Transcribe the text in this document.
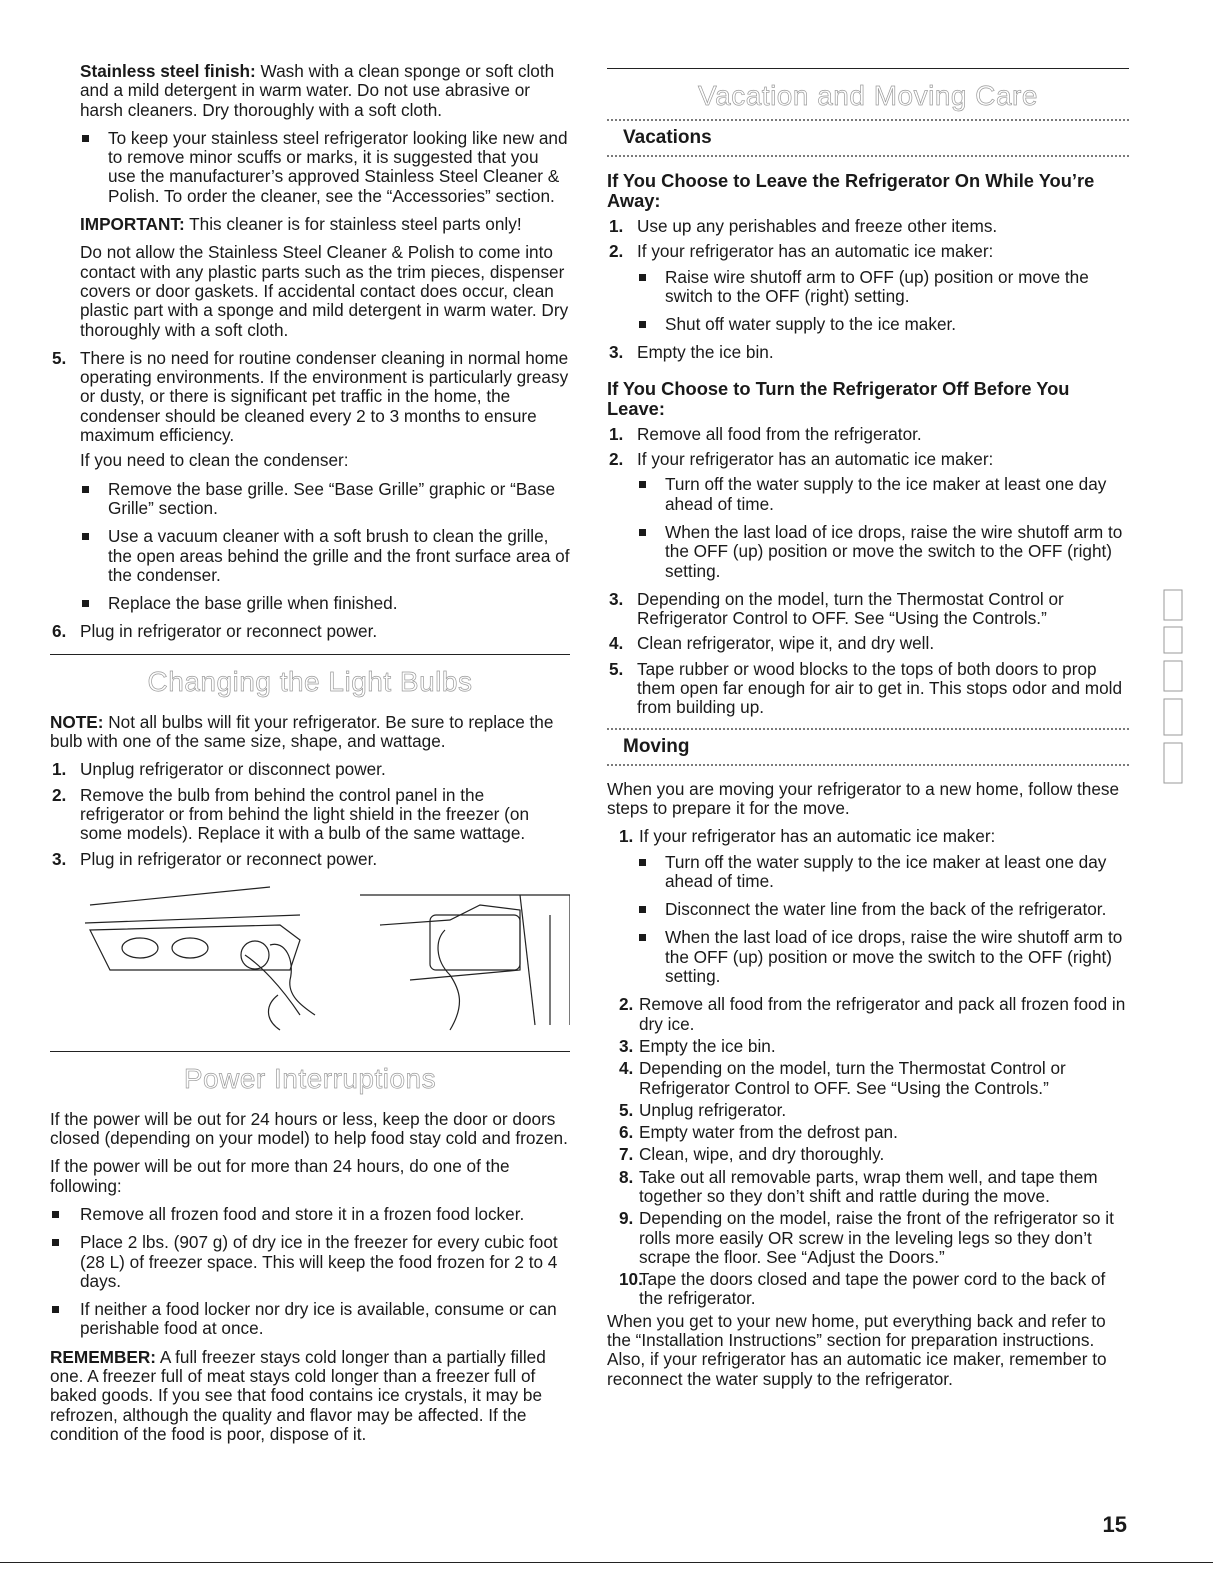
Stainless steel finish: Wash with a clean sponge or soft cloth and a mild detergent in warm water. Do not use abrasive or harsh cleaners. Dry thoroughly with a soft cloth.

To keep your stainless steel refrigerator looking like new and to remove minor scuffs or marks, it is suggested that you use the manufacturer’s approved Stainless Steel Cleaner & Polish. To order the cleaner, see the “Accessories” section.

IMPORTANT: This cleaner is for stainless steel parts only!

Do not allow the Stainless Steel Cleaner & Polish to come into contact with any plastic parts such as the trim pieces, dispenser covers or door gaskets. If accidental contact does occur, clean plastic part with a sponge and mild detergent in warm water. Dry thoroughly with a soft cloth.

5. There is no need for routine condenser cleaning in normal home operating environments. If the environment is particularly greasy or dusty, or there is significant pet traffic in the home, the condenser should be cleaned every 2 to 3 months to ensure maximum efficiency.

If you need to clean the condenser:

Remove the base grille. See “Base Grille” graphic or “Base Grille” section.
Use a vacuum cleaner with a soft brush to clean the grille, the open areas behind the grille and the front surface area of the condenser.
Replace the base grille when finished.
6. Plug in refrigerator or reconnect power.
Changing the Light Bulbs

NOTE: Not all bulbs will fit your refrigerator. Be sure to replace the bulb with one of the same size, shape, and wattage.

1. Unplug refrigerator or disconnect power.
2. Remove the bulb from behind the control panel in the refrigerator or from behind the light shield in the freezer (on some models). Replace it with a bulb of the same wattage.
3. Plug in refrigerator or reconnect power.
Power Interruptions

If the power will be out for 24 hours or less, keep the door or doors closed (depending on your model) to help food stay cold and frozen.

If the power will be out for more than 24 hours, do one of the following:

Remove all frozen food and store it in a frozen food locker.
Place 2 lbs. (907 g) of dry ice in the freezer for every cubic foot (28 L) of freezer space. This will keep the food frozen for 2 to 4 days.
If neither a food locker nor dry ice is available, consume or can perishable food at once.

REMEMBER: A full freezer stays cold longer than a partially filled one. A freezer full of meat stays cold longer than a freezer full of baked goods. If you see that food contains ice crystals, it may be refrozen, although the quality and flavor may be affected. If the condition of the food is poor, dispose of it.

Vacation and Moving Care
Vacations
If You Choose to Leave the Refrigerator On While You’re Away:
1. Use up any perishables and freeze other items.
2. If your refrigerator has an automatic ice maker:
Raise wire shutoff arm to OFF (up) position or move the switch to the OFF (right) setting.
Shut off water supply to the ice maker.
3. Empty the ice bin.
If You Choose to Turn the Refrigerator Off Before You Leave:
1. Remove all food from the refrigerator.
2. If your refrigerator has an automatic ice maker:
Turn off the water supply to the ice maker at least one day ahead of time.
When the last load of ice drops, raise the wire shutoff arm to the OFF (up) position or move the switch to the OFF (right) setting.
3. Depending on the model, turn the Thermostat Control or Refrigerator Control to OFF. See “Using the Controls.”
4. Clean refrigerator, wipe it, and dry well.
5. Tape rubber or wood blocks to the tops of both doors to prop them open far enough for air to get in. This stops odor and mold from building up.
Moving

When you are moving your refrigerator to a new home, follow these steps to prepare it for the move.

1. If your refrigerator has an automatic ice maker:
Turn off the water supply to the ice maker at least one day ahead of time.
Disconnect the water line from the back of the refrigerator.
When the last load of ice drops, raise the wire shutoff arm to the OFF (up) position or move the switch to the OFF (right) setting.
2. Remove all food from the refrigerator and pack all frozen food in dry ice.
3. Empty the ice bin.
4. Depending on the model, turn the Thermostat Control or Refrigerator Control to OFF. See “Using the Controls.”
5. Unplug refrigerator.
6. Empty water from the defrost pan.
7. Clean, wipe, and dry thoroughly.
8. Take out all removable parts, wrap them well, and tape them together so they don’t shift and rattle during the move.
9. Depending on the model, raise the front of the refrigerator so it rolls more easily OR screw in the leveling legs so they don’t scrape the floor. See “Adjust the Doors.”
10.
Tape the doors closed and tape the power cord to the back of the refrigerator.

When you get to your new home, put everything back and refer to the “Installation Instructions” section for preparation instructions. Also, if your refrigerator has an automatic ice maker, remember to reconnect the water supply to the refrigerator.

15
